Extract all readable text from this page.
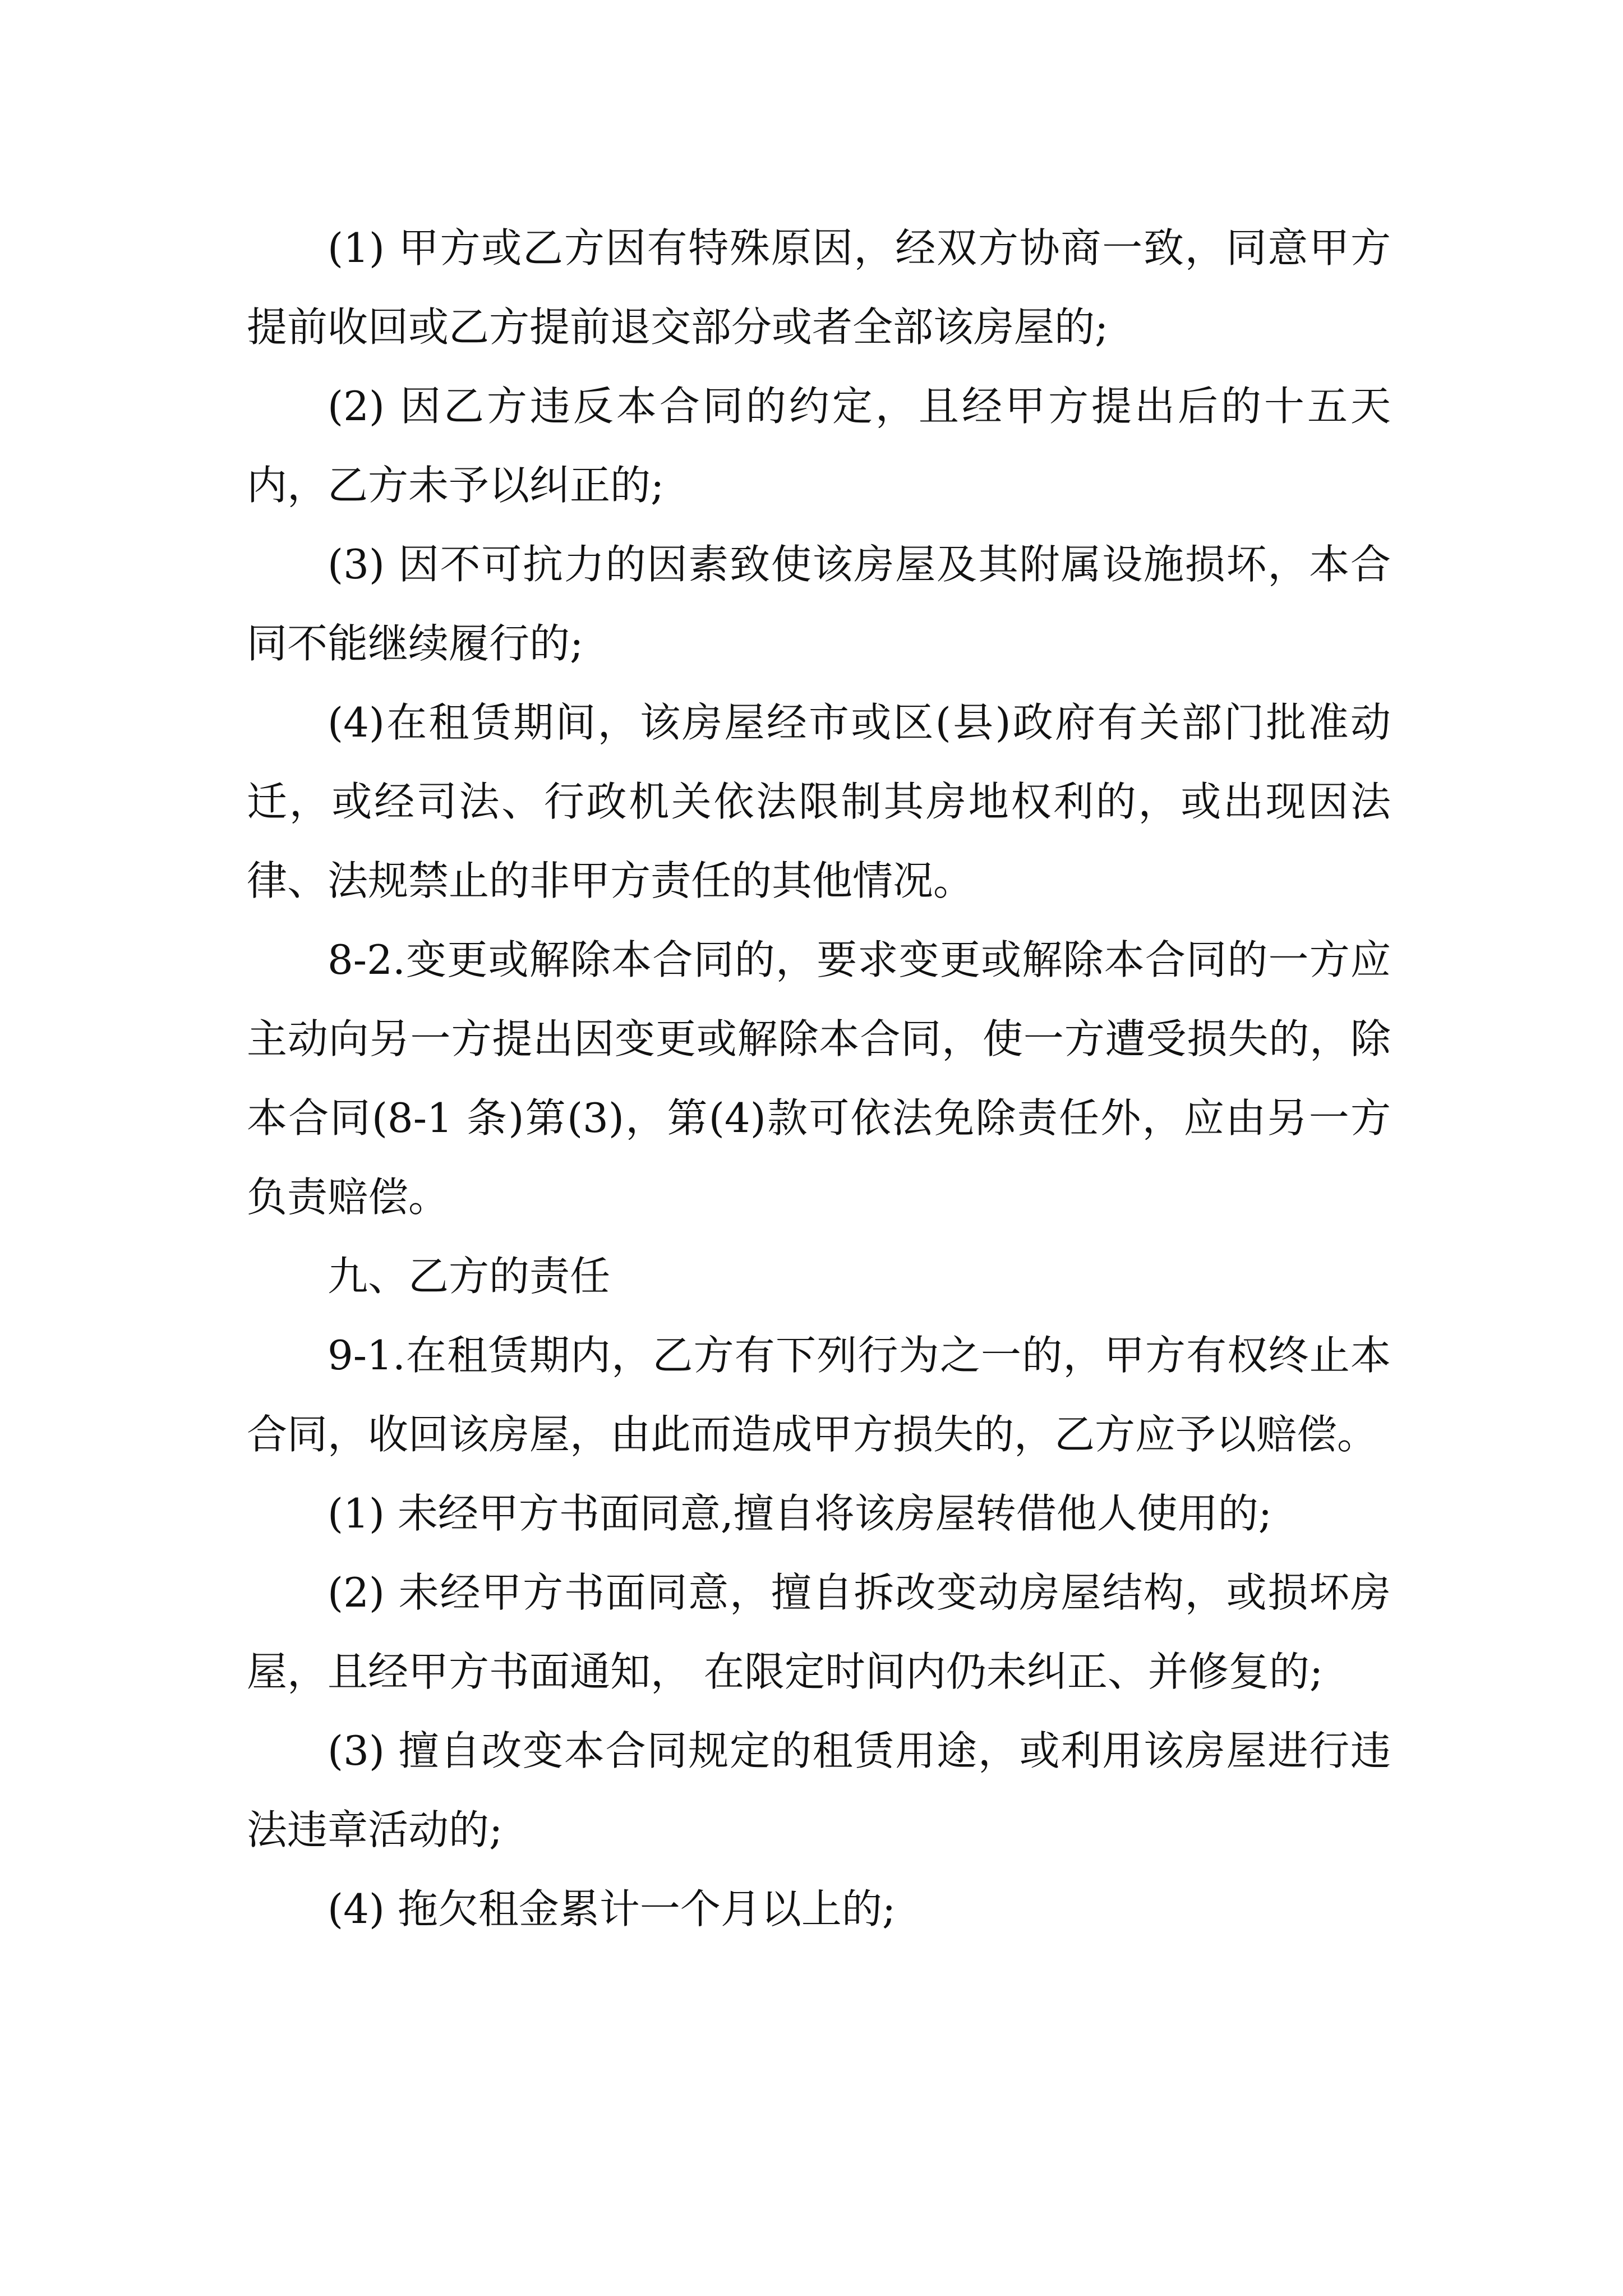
(1) 甲方或乙方因有特殊原因，经双方协商一致，同意甲方提前收回或乙方提前退交部分或者全部该房屋的;

(2) 因乙方违反本合同的约定，且经甲方提出后的十五天内，乙方未予以纠正的;

(3) 因不可抗力的因素致使该房屋及其附属设施损坏，本合同不能继续履行的;

(4)在租赁期间，该房屋经市或区(县)政府有关部门批准动迁，或经司法、行政机关依法限制其房地权利的，或出现因法律、法规禁止的非甲方责任的其他情况。

8-2.变更或解除本合同的，要求变更或解除本合同的一方应主动向另一方提出因变更或解除本合同，使一方遭受损失的，除本合同(8-1 条)第(3)，第(4)款可依法免除责任外，应由另一方负责赔偿。

九、乙方的责任

9-1.在租赁期内，乙方有下列行为之一的，甲方有权终止本合同，收回该房屋，由此而造成甲方损失的，乙方应予以赔偿。

(1) 未经甲方书面同意,擅自将该房屋转借他人使用的;

(2) 未经甲方书面同意，擅自拆改变动房屋结构，或损坏房屋，且经甲方书面通知， 在限定时间内仍未纠正、并修复的;

(3) 擅自改变本合同规定的租赁用途，或利用该房屋进行违法违章活动的;

(4) 拖欠租金累计一个月以上的;
